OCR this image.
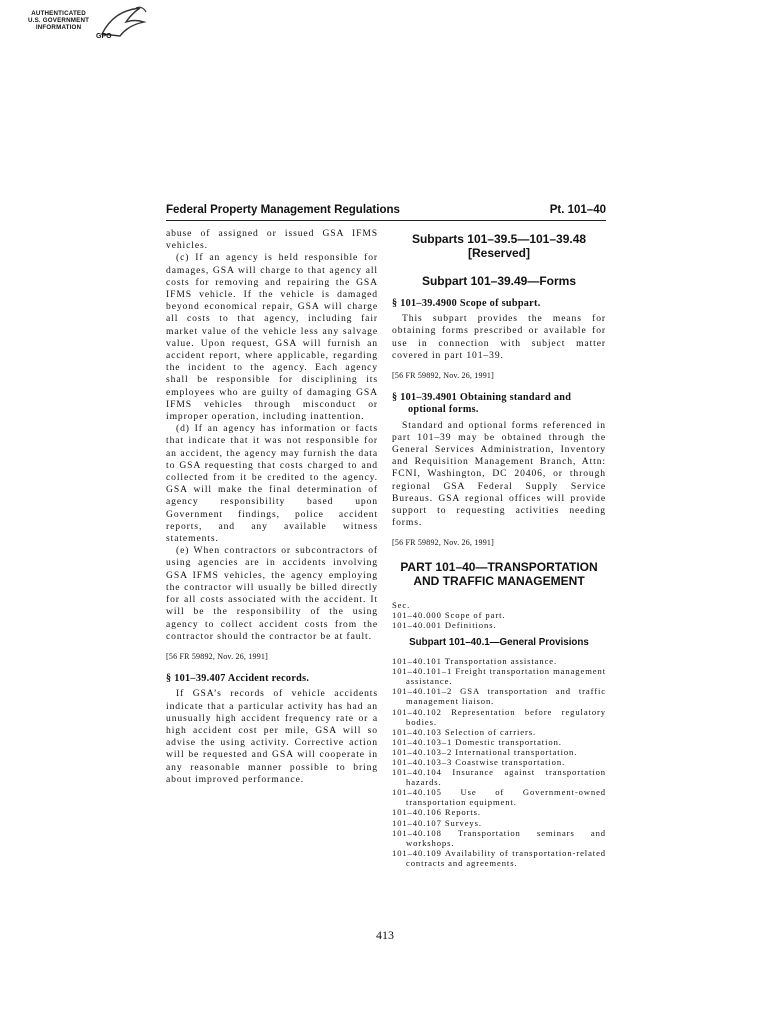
AUTHENTICATED
U.S. GOVERNMENT
INFORMATION
GPO
Federal Property Management Regulations	Pt. 101–40

abuse of assigned or issued GSA IFMS vehicles.

(c) If an agency is held responsible for damages, GSA will charge to that agency all costs for removing and repairing the GSA IFMS vehicle. If the vehicle is damaged beyond economical repair, GSA will charge all costs to that agency, including fair market value of the vehicle less any salvage value. Upon request, GSA will furnish an accident report, where applicable, regarding the incident to the agency. Each agency shall be responsible for disciplining its employees who are guilty of damaging GSA IFMS vehicles through misconduct or improper operation, including inattention.

(d) If an agency has information or facts that indicate that it was not responsible for an accident, the agency may furnish the data to GSA requesting that costs charged to and collected from it be credited to the agency. GSA will make the final determination of agency responsibility based upon Government findings, police accident reports, and any available witness statements.

(e) When contractors or subcontractors of using agencies are in accidents involving GSA IFMS vehicles, the agency employing the contractor will usually be billed directly for all costs associated with the accident. It will be the responsibility of the using agency to collect accident costs from the contractor should the contractor be at fault.

[56 FR 59892, Nov. 26, 1991]
§ 101–39.407 Accident records.

If GSA’s records of vehicle accidents indicate that a particular activity has had an unusually high accident frequency rate or a high accident cost per mile, GSA will so advise the using activity. Corrective action will be requested and GSA will cooperate in any reasonable manner possible to bring about improved performance.

Subparts 101–39.5—101–39.48
[Reserved]
Subpart 101–39.49—Forms
§ 101–39.4900 Scope of subpart.

This subpart provides the means for obtaining forms prescribed or available for use in connection with subject matter covered in part 101–39.

[56 FR 59892, Nov. 26, 1991]
§ 101–39.4901 Obtaining standard and
optional forms.

Standard and optional forms referenced in part 101–39 may be obtained through the General Services Administration, Inventory and Requisition Management Branch, Attn: FCNI, Washington, DC 20406, or through regional GSA Federal Supply Service Bureaus. GSA regional offices will provide support to requesting activities needing forms.

[56 FR 59892, Nov. 26, 1991]
PART 101–40—TRANSPORTATION
AND TRAFFIC MANAGEMENT
Sec.
101–40.000 Scope of part.
101–40.001 Definitions.
Subpart 101–40.1—General Provisions
101–40.101 Transportation assistance.
101–40.101–1 Freight transportation management assistance.
101–40.101–2 GSA transportation and traffic management liaison.
101–40.102 Representation before regulatory bodies.
101–40.103 Selection of carriers.
101–40.103–1 Domestic transportation.
101–40.103–2 International transportation.
101–40.103–3 Coastwise transportation.
101–40.104 Insurance against transportation hazards.
101–40.105 Use of Government-owned transportation equipment.
101–40.106 Reports.
101–40.107 Surveys.
101–40.108 Transportation seminars and workshops.
101–40.109 Availability of transportation-related contracts and agreements.
413
